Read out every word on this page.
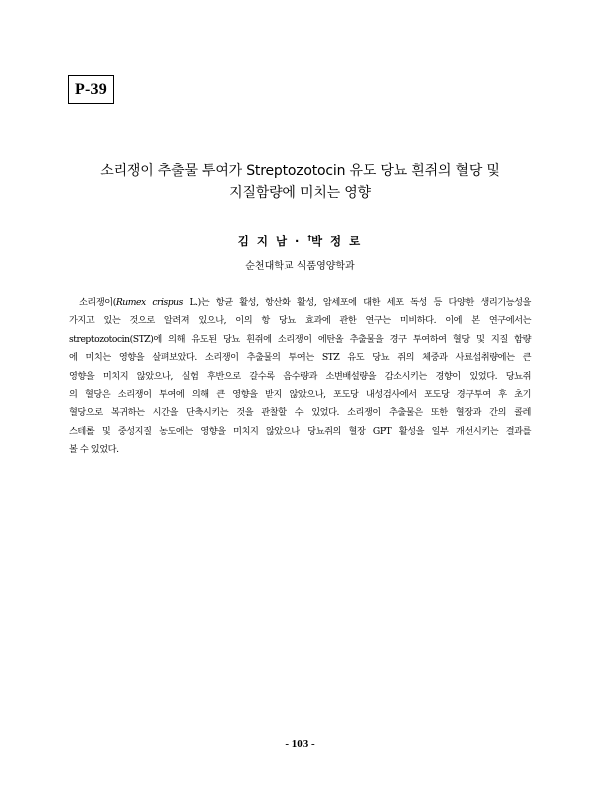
P-39
소리쟁이 추출물 투여가 Streptozotocin 유도 당뇨 흰쥐의 혈당 및
지질함량에 미치는 영향
김 지 남 · †박 정 로
순천대학교 식품영양학과
소리쟁이(Rumex crispus L.)는 항균 활성, 항산화 활성, 암세포에 대한 세포 독성 등 다양한 생리기능성을
가지고 있는 것으로 알려져 있으나, 이의 항 당뇨 효과에 관한 연구는 미비하다. 이에 본 연구에서는
streptozotocin(STZ)에 의해 유도된 당뇨 흰쥐에 소리쟁이 에탄올 추출물을 경구 투여하여 혈당 및 지질 함량
에 미치는 영향을 살펴보았다. 소리쟁이 추출물의 투여는 STZ 유도 당뇨 쥐의 체중과 사료섭취량에는 큰
영향을 미치지 않았으나, 실험 후반으로 갈수록 음수량과 소변배설량을 감소시키는 경향이 있었다. 당뇨쥐
의 혈당은 소리쟁이 투여에 의해 큰 영향을 받지 않았으나, 포도당 내성검사에서 포도당 경구투여 후 초기
혈당으로 복귀하는 시간을 단축시키는 것을 관찰할 수 있었다. 소리쟁이 추출물은 또한 혈장과 간의 콜레
스테롤 및 중성지질 농도에는 영향을 미치지 않았으나 당뇨쥐의 혈장 GPT 활성을 일부 개선시키는 결과를
볼 수 있었다.
- 103 -
